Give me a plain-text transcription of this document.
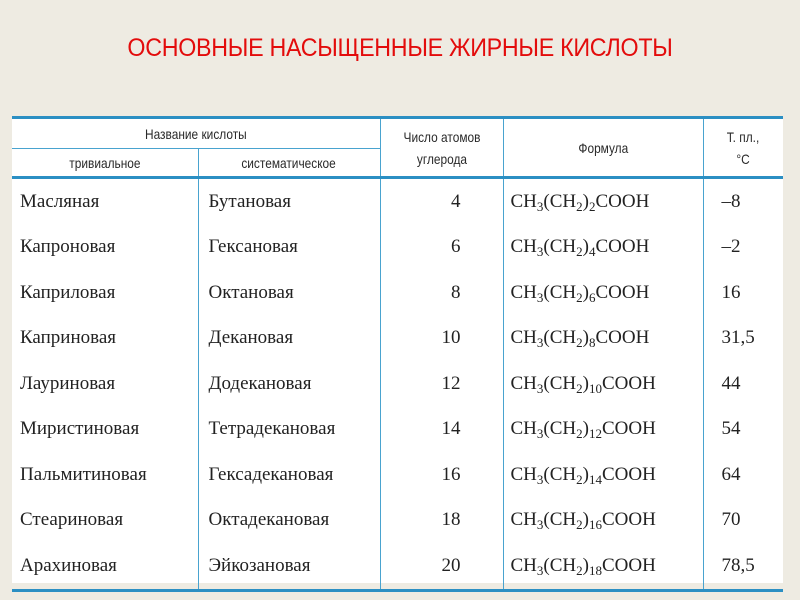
ОСНОВНЫЕ НАСЫЩЕННЫЕ ЖИРНЫЕ КИСЛОТЫ
Название кислоты		Число атомов углерода	Формула	Т. пл., °С
тривиальное	систематическое			
Масляная	Бутановая	4	$CH_3(CH_2)_2COOH$	–8
Капроновая	Гексановая	6	$CH_3(CH_2)_4COOH$	–2
Каприловая	Октановая	8	$CH_3(CH_2)_6COOH$	16
Каприновая	Декановая	10	$CH_3(CH_2)_8COOH$	31,5
Лауриновая	Додекановая	12	$CH_3(CH_2)_{10}COOH$	44
Миристиновая	Тетрадекановая	14	$CH_3(CH_2)_{12}COOH$	54
Пальмитиновая	Гексадекановая	16	$CH_3(CH_2)_{14}COOH$	64
Стеариновая	Октадекановая	18	$CH_3(CH_2)_{16}COOH$	70
Арахиновая	Эйкозановая	20	$CH_3(CH_2)_{18}COOH$	78,5
